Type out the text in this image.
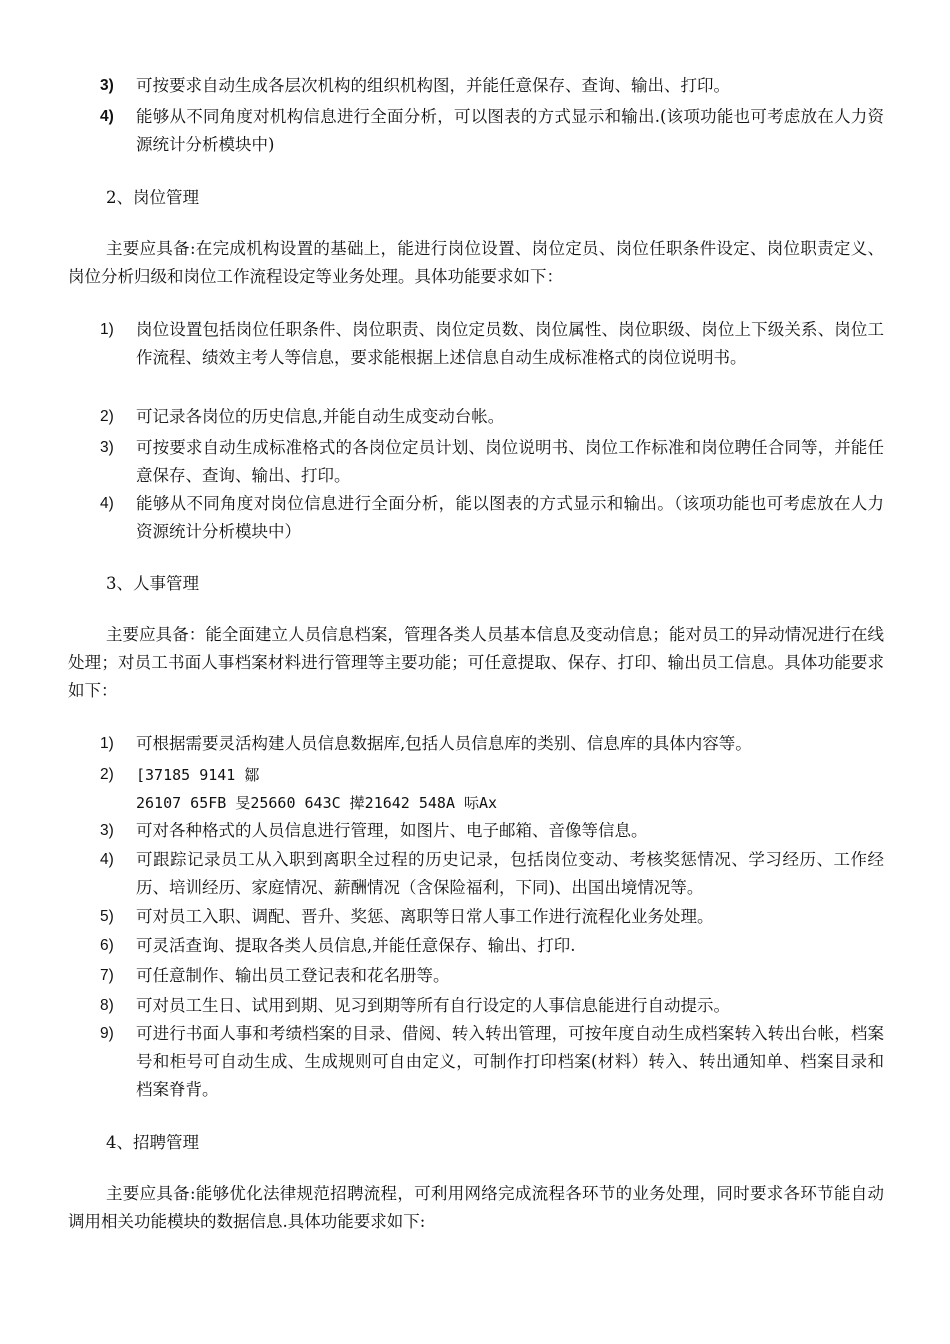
3)	可按要求自动生成各层次机构的组织机构图，并能任意保存、查询、输出、打印。
4)	能够从不同角度对机构信息进行全面分析，可以图表的方式显示和输出.(该项功能也可考虑放在人力资源统计分析模块中)
2、岗位管理
主要应具备:在完成机构设置的基础上，能进行岗位设置、岗位定员、岗位任职条件设定、岗位职责定义、岗位分析归级和岗位工作流程设定等业务处理。具体功能要求如下：
1)	岗位设置包括岗位任职条件、岗位职责、岗位定员数、岗位属性、岗位职级、岗位上下级关系、岗位工作流程、绩效主考人等信息，要求能根据上述信息自动生成标准格式的岗位说明书。
2)	可记录各岗位的历史信息,并能自动生成变动台帐。
3)	可按要求自动生成标准格式的各岗位定员计划、岗位说明书、岗位工作标准和岗位聘任合同等，并能任意保存、查询、输出、打印。
4)	能够从不同角度对岗位信息进行全面分析，能以图表的方式显示和输出。（该项功能也可考虑放在人力资源统计分析模块中）
3、人事管理
主要应具备：能全面建立人员信息档案，管理各类人员基本信息及变动信息；能对员工的异动情况进行在线处理；对员工书面人事档案材料进行管理等主要功能；可任意提取、保存、打印、输出员工信息。具体功能要求如下：
1)	可根据需要灵活构建人员信息数据库,包括人员信息库的类别、信息库的具体内容等。
2)	[37185 9141 鄒
26107 65FB 旻25660 643C 撵21642 548A 呩Ax
3)	可对各种格式的人员信息进行管理，如图片、电子邮箱、音像等信息。
4)	可跟踪记录员工从入职到离职全过程的历史记录，包括岗位变动、考核奖惩情况、学习经历、工作经历、培训经历、家庭情况、薪酬情况（含保险福利，下同)、出国出境情况等。
5)	可对员工入职、调配、晋升、奖惩、离职等日常人事工作进行流程化业务处理。
6)	可灵活查询、提取各类人员信息,并能任意保存、输出、打印.
7)	可任意制作、输出员工登记表和花名册等。
8)	可对员工生日、试用到期、见习到期等所有自行设定的人事信息能进行自动提示。
9)	可进行书面人事和考绩档案的目录、借阅、转入转出管理，可按年度自动生成档案转入转出台帐，档案号和柜号可自动生成、生成规则可自由定义，可制作打印档案(材料）转入、转出通知单、档案目录和档案脊背。
4、招聘管理
主要应具备:能够优化法律规范招聘流程，可利用网络完成流程各环节的业务处理，同时要求各环节能自动调用相关功能模块的数据信息.具体功能要求如下:
